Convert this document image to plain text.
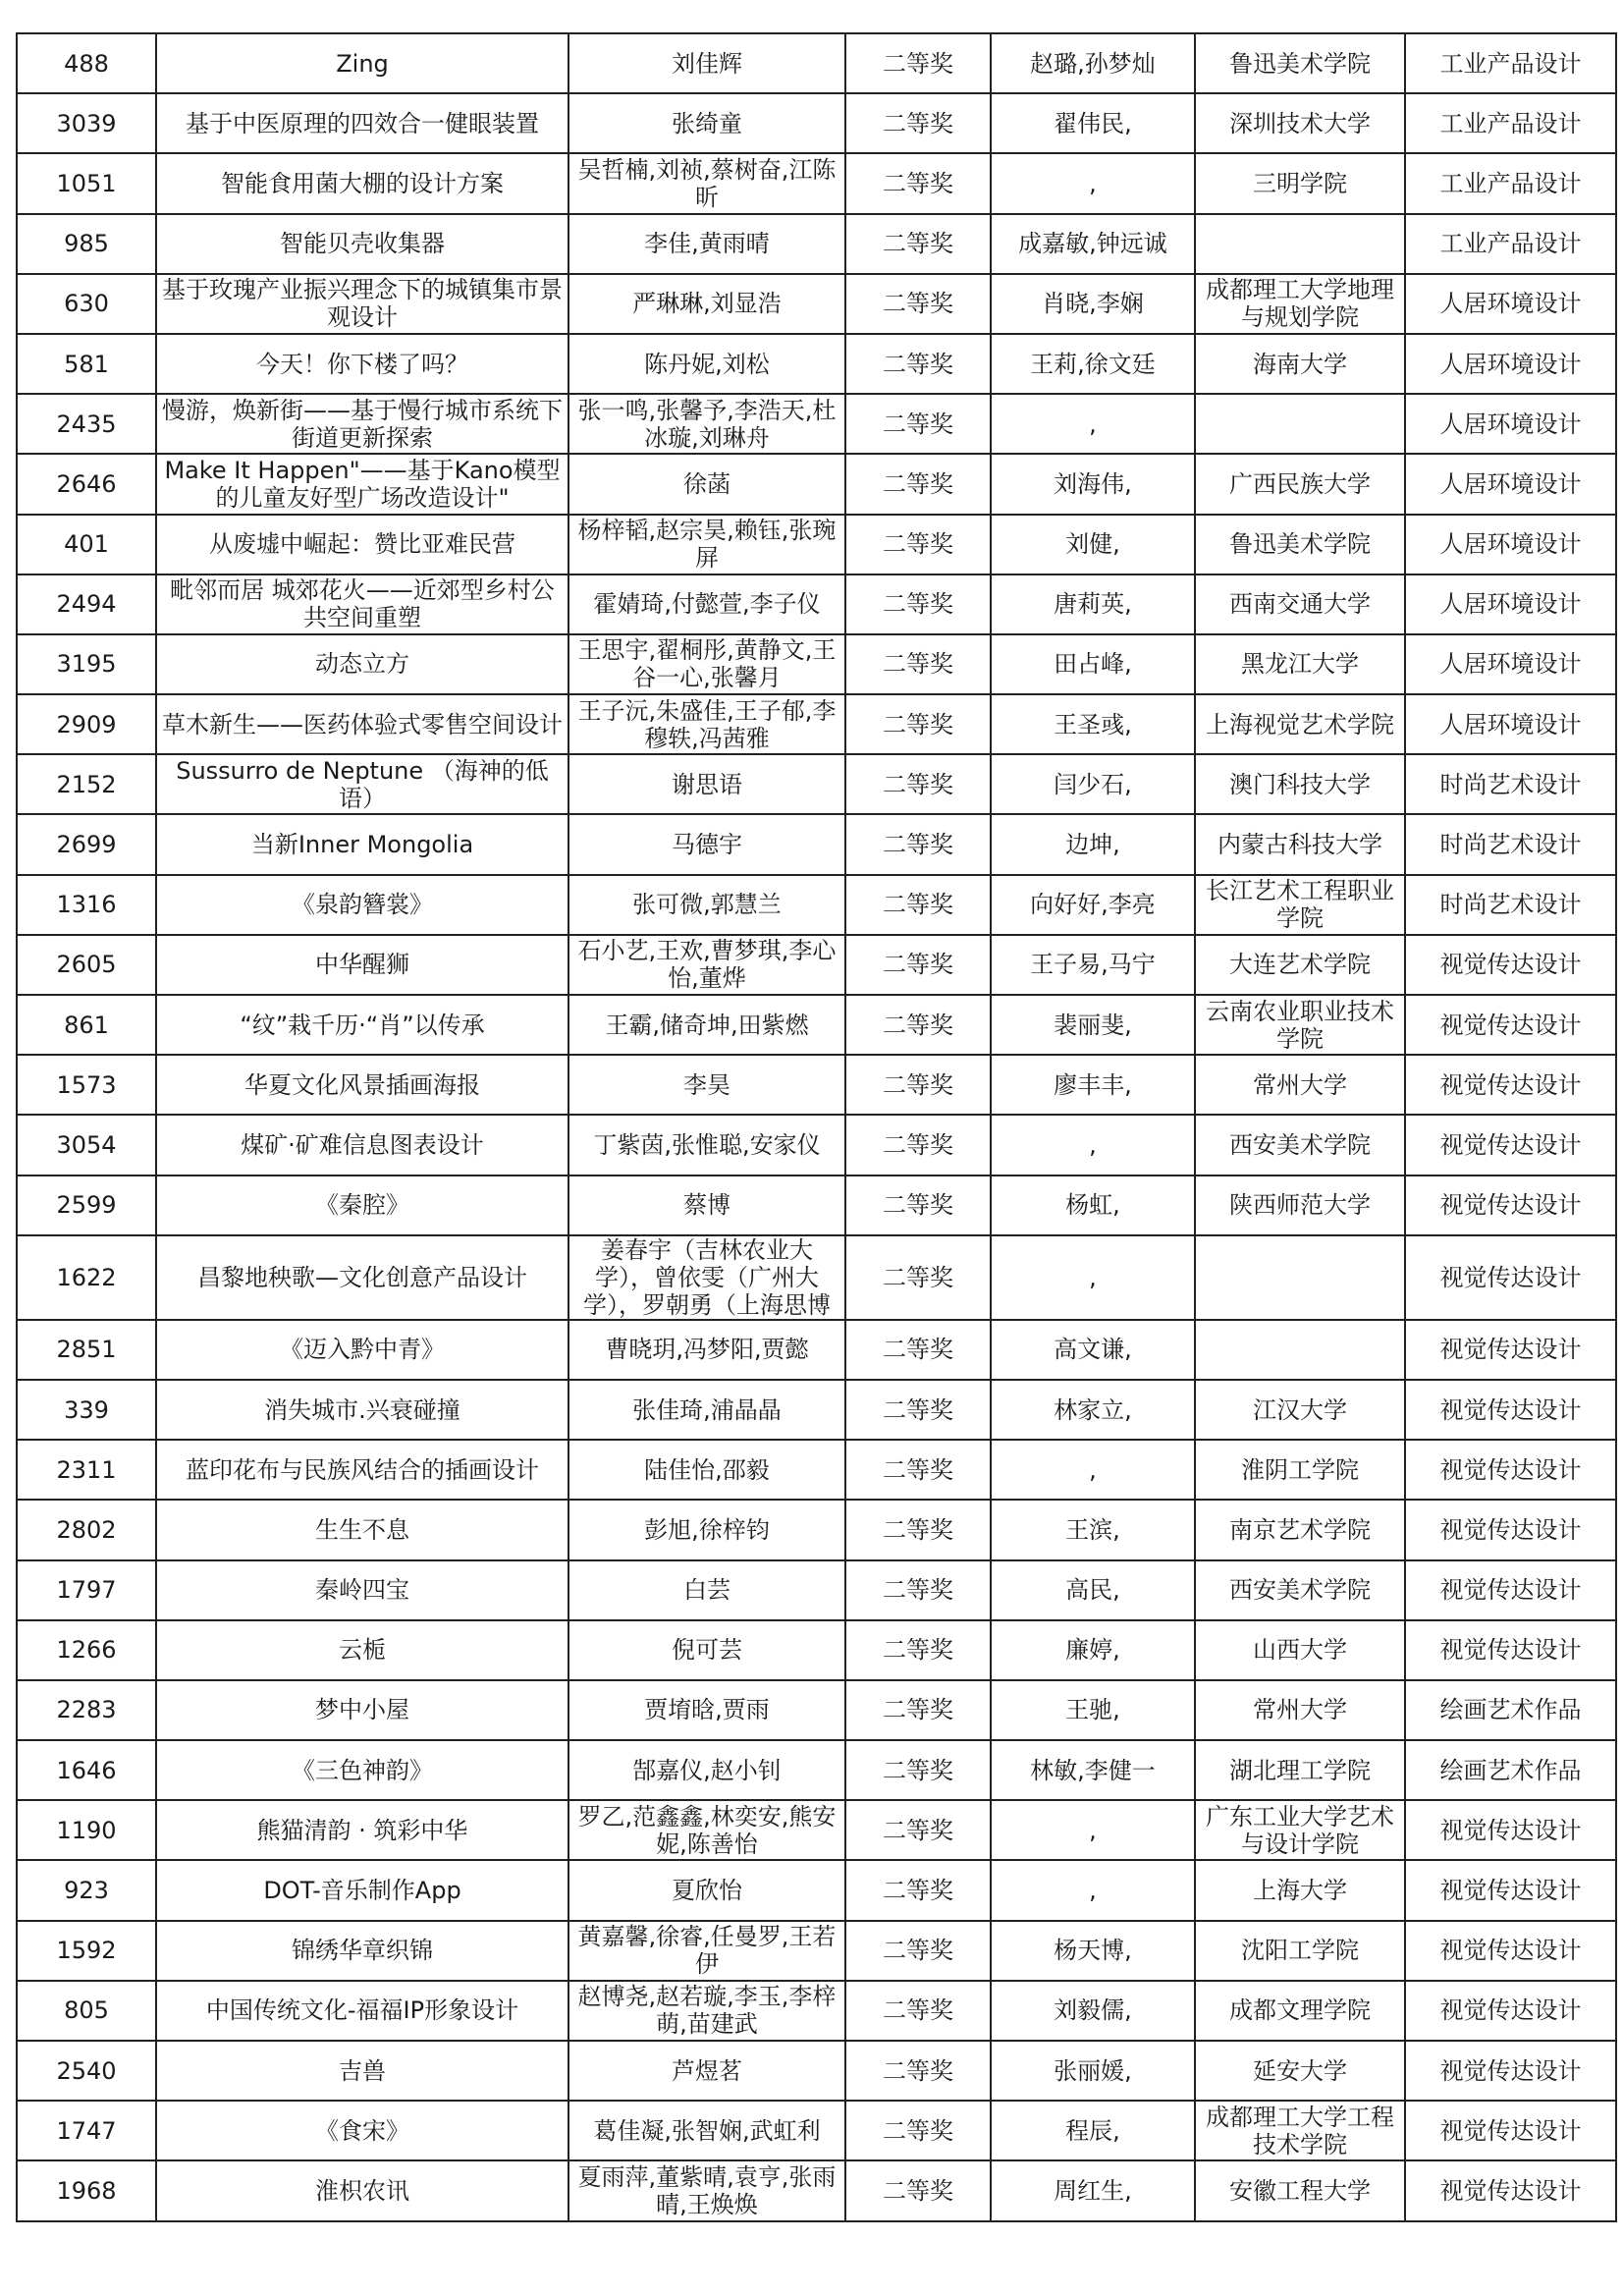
488	Zing	刘佳辉	二等奖	赵璐,孙梦灿	鲁迅美术学院	工业产品设计
3039	基于中医原理的四效合一健眼装置	张绮童	二等奖	翟伟民,	深圳技术大学	工业产品设计
1051	智能食用菌大棚的设计方案	吴哲楠,刘祯,蔡树奋,江陈昕	二等奖	,	三明学院	工业产品设计
985	智能贝壳收集器	李佳,黄雨晴	二等奖	成嘉敏,钟远诚		工业产品设计
630	基于玫瑰产业振兴理念下的城镇集市景观设计	严琳琳,刘显浩	二等奖	肖晓,李娴	成都理工大学地理与规划学院	人居环境设计
581	今天！你下楼了吗？	陈丹妮,刘松	二等奖	王莉,徐文廷	海南大学	人居环境设计
2435	慢游，焕新街——基于慢行城市系统下街道更新探索	张一鸣,张馨予,李浩天,杜冰璇,刘琳舟	二等奖	,		人居环境设计
2646	Make It Happen"——基于Kano模型的儿童友好型广场改造设计"	徐菡	二等奖	刘海伟,	广西民族大学	人居环境设计
401	从废墟中崛起：赞比亚难民营	杨梓韬,赵宗昊,赖钰,张琬屏	二等奖	刘健,	鲁迅美术学院	人居环境设计
2494	毗邻而居 城郊花火——近郊型乡村公共空间重塑	霍婧琦,付懿萱,李子仪	二等奖	唐莉英,	西南交通大学	人居环境设计
3195	动态立方	王思宇,翟桐彤,黄静文,王谷一心,张馨月	二等奖	田占峰,	黑龙江大学	人居环境设计
2909	草木新生——医药体验式零售空间设计	王子沅,朱盛佳,王子郁,李穆轶,冯茜雅	二等奖	王圣彧,	上海视觉艺术学院	人居环境设计
2152	Sussurro de Neptune （海神的低语）	谢思语	二等奖	闫少石,	澳门科技大学	时尚艺术设计
2699	当新Inner Mongolia	马德宇	二等奖	边坤,	内蒙古科技大学	时尚艺术设计
1316	《泉韵簪裳》	张可微,郭慧兰	二等奖	向好好,李亮	长江艺术工程职业学院	时尚艺术设计
2605	中华醒狮	石小艺,王欢,曹梦琪,李心怡,董烨	二等奖	王子易,马宁	大连艺术学院	视觉传达设计
861	“纹”栽千历·“肖”以传承	王霸,储奇坤,田紫燃	二等奖	裴丽斐,	云南农业职业技术学院	视觉传达设计
1573	华夏文化风景插画海报	李昊	二等奖	廖丰丰,	常州大学	视觉传达设计
3054	煤矿·矿难信息图表设计	丁紫茵,张惟聪,安家仪	二等奖	,	西安美术学院	视觉传达设计
2599	《秦腔》	蔡博	二等奖	杨虹,	陕西师范大学	视觉传达设计
1622	昌黎地秧歌—文化创意产品设计	姜春宇（吉林农业大学），曾依雯（广州大学），罗朝勇（上海思博	二等奖	,		视觉传达设计
2851	《迈入黔中青》	曹晓玥,冯梦阳,贾懿	二等奖	高文谦,		视觉传达设计
339	消失城市.兴衰碰撞	张佳琦,浦晶晶	二等奖	林家立,	江汉大学	视觉传达设计
2311	蓝印花布与民族风结合的插画设计	陆佳怡,邵毅	二等奖	,	淮阴工学院	视觉传达设计
2802	生生不息	彭旭,徐梓钧	二等奖	王滨,	南京艺术学院	视觉传达设计
1797	秦岭四宝	白芸	二等奖	高民,	西安美术学院	视觉传达设计
1266	云栀	倪可芸	二等奖	廉婷,	山西大学	视觉传达设计
2283	梦中小屋	贾堉晗,贾雨	二等奖	王驰,	常州大学	绘画艺术作品
1646	《三色神韵》	郜嘉仪,赵小钊	二等奖	林敏,李健一	湖北理工学院	绘画艺术作品
1190	熊猫清韵 · 筑彩中华	罗乙,范鑫鑫,林奕安,熊安妮,陈善怡	二等奖	,	广东工业大学艺术与设计学院	视觉传达设计
923	DOT-音乐制作App	夏欣怡	二等奖	,	上海大学	视觉传达设计
1592	锦绣华章织锦	黄嘉馨,徐睿,任曼罗,王若伊	二等奖	杨天博,	沈阳工学院	视觉传达设计
805	中国传统文化-福福IP形象设计	赵博尧,赵若璇,李玉,李梓萌,苗建武	二等奖	刘毅儒,	成都文理学院	视觉传达设计
2540	吉兽	芦煜茗	二等奖	张丽媛,	延安大学	视觉传达设计
1747	《食宋》	葛佳凝,张智娴,武虹利	二等奖	程辰,	成都理工大学工程技术学院	视觉传达设计
1968	淮枳农讯	夏雨萍,董紫晴,袁亨,张雨晴,王焕焕	二等奖	周红生,	安徽工程大学	视觉传达设计
